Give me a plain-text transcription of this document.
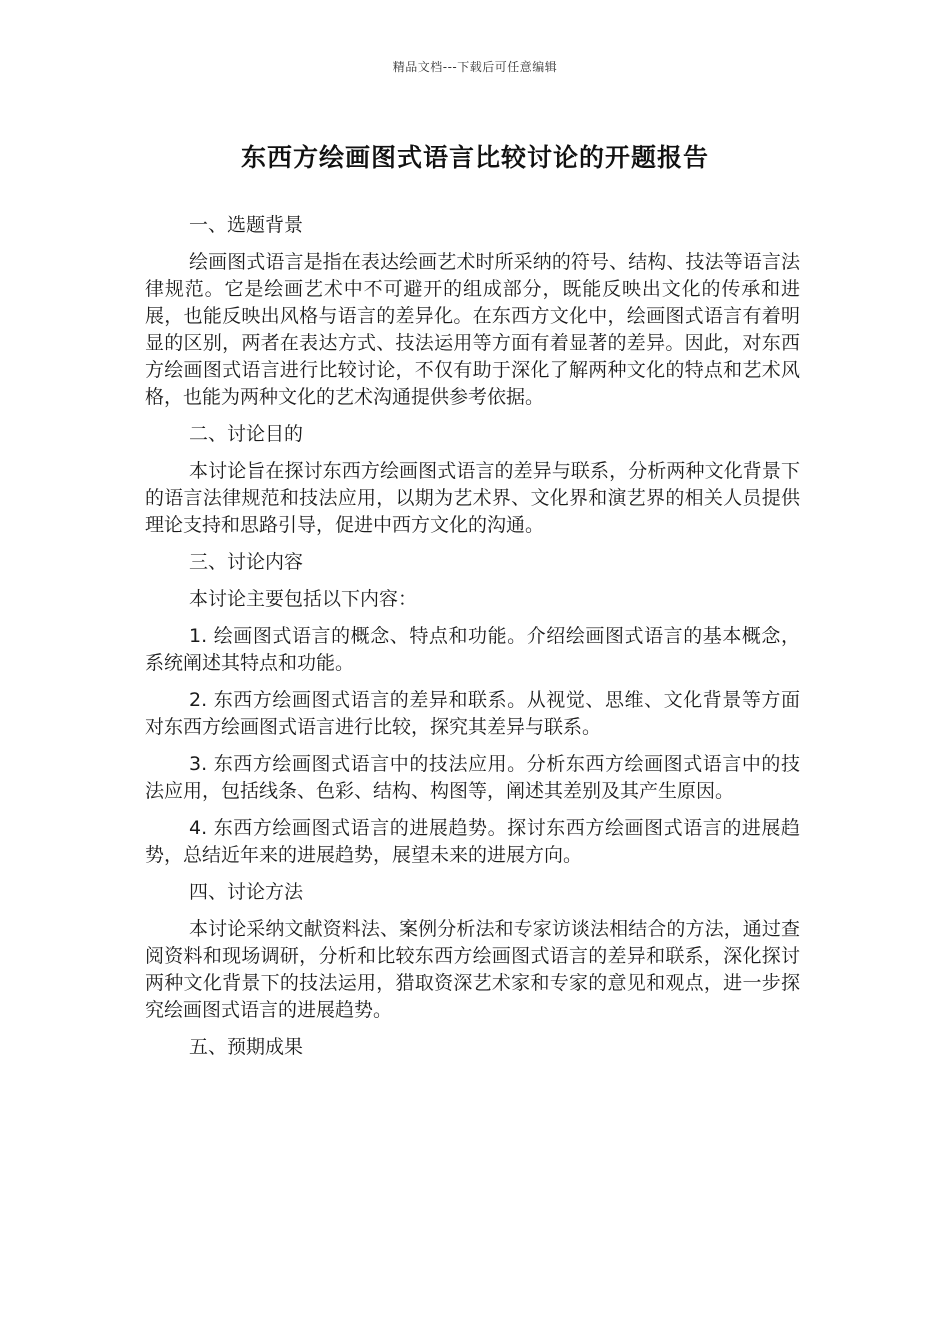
精品文档---下载后可任意编辑
东西方绘画图式语言比较讨论的开题报告

一、选题背景

绘画图式语言是指在表达绘画艺术时所采纳的符号、结构、技法等语言法律规范。它是绘画艺术中不可避开的组成部分，既能反映出文化的传承和进展，也能反映出风格与语言的差异化。在东西方文化中，绘画图式语言有着明显的区别，两者在表达方式、技法运用等方面有着显著的差异。因此，对东西方绘画图式语言进行比较讨论，不仅有助于深化了解两种文化的特点和艺术风格，也能为两种文化的艺术沟通提供参考依据。

二、讨论目的

本讨论旨在探讨东西方绘画图式语言的差异与联系，分析两种文化背景下的语言法律规范和技法应用，以期为艺术界、文化界和演艺界的相关人员提供理论支持和思路引导，促进中西方文化的沟通。

三、讨论内容

本讨论主要包括以下内容：

1. 绘画图式语言的概念、特点和功能。介绍绘画图式语言的基本概念，系统阐述其特点和功能。

2. 东西方绘画图式语言的差异和联系。从视觉、思维、文化背景等方面对东西方绘画图式语言进行比较，探究其差异与联系。

3. 东西方绘画图式语言中的技法应用。分析东西方绘画图式语言中的技法应用，包括线条、色彩、结构、构图等，阐述其差别及其产生原因。

4. 东西方绘画图式语言的进展趋势。探讨东西方绘画图式语言的进展趋势，总结近年来的进展趋势，展望未来的进展方向。

四、讨论方法

本讨论采纳文献资料法、案例分析法和专家访谈法相结合的方法，通过查阅资料和现场调研，分析和比较东西方绘画图式语言的差异和联系，深化探讨两种文化背景下的技法运用，猎取资深艺术家和专家的意见和观点，进一步探究绘画图式语言的进展趋势。

五、预期成果
